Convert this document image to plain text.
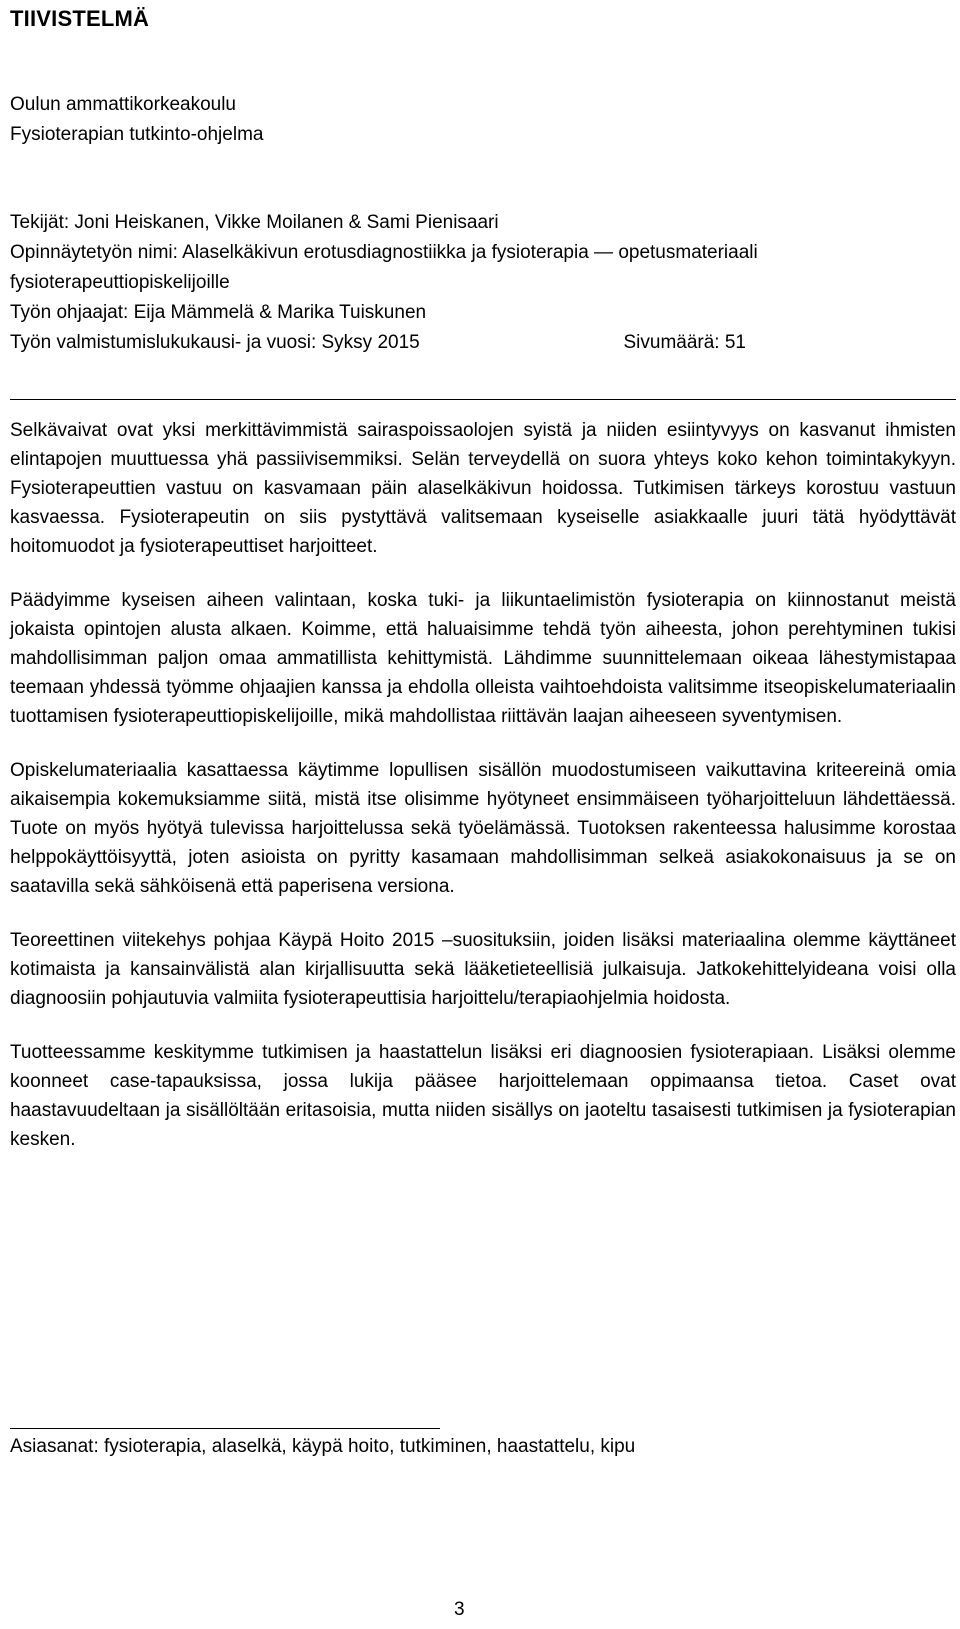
TIIVISTELMÄ
Oulun ammattikorkeakoulu
Fysioterapian tutkinto-ohjelma
Tekijät: Joni Heiskanen, Vikke Moilanen & Sami Pienisaari
Opinnäytetyön nimi: Alaselkäkivun erotusdiagnostiikka ja fysioterapia — opetusmateriaali fysioterapeuttiopiskelijoille
Työn ohjaajat: Eija Mämmelä & Marika Tuiskunen
Työn valmistumislukukausi- ja vuosi: Syksy 2015	Sivumäärä: 51

Selkävaivat ovat yksi merkittävimmistä sairaspoissaolojen syistä ja niiden esiintyvyys on kasvanut ihmisten elintapojen muuttuessa yhä passiivisemmiksi. Selän terveydellä on suora yhteys koko kehon toimintakykyyn. Fysioterapeuttien vastuu on kasvamaan päin alaselkäkivun hoidossa. Tutkimisen tärkeys korostuu vastuun kasvaessa. Fysioterapeutin on siis pystyttävä valitsemaan kyseiselle asiakkaalle juuri tätä hyödyttävät hoitomuodot ja fysioterapeuttiset harjoitteet.

Päädyimme kyseisen aiheen valintaan, koska tuki- ja liikuntaelimistön fysioterapia on kiinnostanut meistä jokaista opintojen alusta alkaen. Koimme, että haluaisimme tehdä työn aiheesta, johon perehtyminen tukisi mahdollisimman paljon omaa ammatillista kehittymistä. Lähdimme suunnittelemaan oikeaa lähestymistapaa teemaan yhdessä työmme ohjaajien kanssa ja ehdolla olleista vaihtoehdoista valitsimme itseopiskelumateriaalin tuottamisen fysioterapeuttiopiskelijoille, mikä mahdollistaa riittävän laajan aiheeseen syventymisen.

Opiskelumateriaalia kasattaessa käytimme lopullisen sisällön muodostumiseen vaikuttavina kriteereinä omia aikaisempia kokemuksiamme siitä, mistä itse olisimme hyötyneet ensimmäiseen työharjoitteluun lähdettäessä. Tuote on myös hyötyä tulevissa harjoittelussa sekä työelämässä. Tuotoksen rakenteessa halusimme korostaa helppokäyttöisyyttä, joten asioista on pyritty kasamaan mahdollisimman selkeä asiakokonaisuus ja se on saatavilla sekä sähköisenä että paperisena versiona.

Teoreettinen viitekehys pohjaa Käypä Hoito 2015 –suosituksiin, joiden lisäksi materiaalina olemme käyttäneet kotimaista ja kansainvälistä alan kirjallisuutta sekä lääketieteellisiä julkaisuja. Jatkokehittelyideana voisi olla diagnoosiin pohjautuvia valmiita fysioterapeuttisia harjoittelu/terapiaohjelmia hoidosta.

Tuotteessamme keskitymme tutkimisen ja haastattelun lisäksi eri diagnoosien fysioterapiaan. Lisäksi olemme koonneet case-tapauksissa, jossa lukija pääsee harjoittelemaan oppimaansa tietoa. Caset ovat haastavuudeltaan ja sisällöltään eritasoisia, mutta niiden sisällys on jaoteltu tasaisesti tutkimisen ja fysioterapian kesken.

Asiasanat: fysioterapia, alaselkä, käypä hoito, tutkiminen, haastattelu, kipu
3
